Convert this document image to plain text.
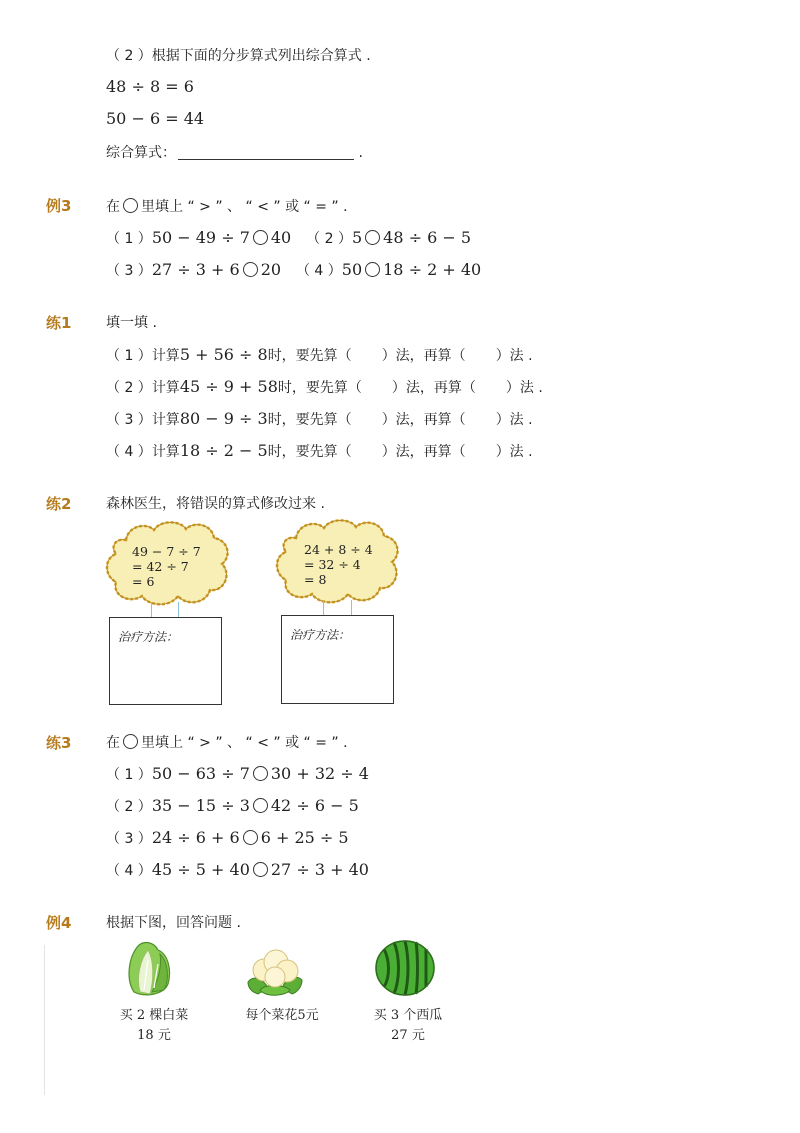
（ 2 ）根据下面的分步算式列出综合算式 .
48 ÷ 8 = 6
50 − 6 = 44
综合算式：	.
例3 在 里填上 “ > ” 、 “ < ” 或 “ = ” .
（ 1 ）50 − 49 ÷ 7 40 （ 2 ）5 48 ÷ 6 − 5
（ 3 ）27 ÷ 3 + 6 20 （ 4 ）50 18 ÷ 2 + 40
练1 填一填 .
（ 1 ）计算5 + 56 ÷ 8时，要先算（ ）法，再算（ ）法 .
（ 2 ）计算45 ÷ 9 + 58时，要先算（ ）法，再算（ ）法 .
（ 3 ）计算80 − 9 ÷ 3时，要先算（ ）法，再算（ ）法 .
（ 4 ）计算18 ÷ 2 − 5时，要先算（ ）法，再算（ ）法 .
练2 森林医生，将错误的算式修改过来 .
49 − 7 ÷ 7
= 42 ÷ 7
= 6
治疗方法：
24 + 8 ÷ 4
= 32 ÷ 4
= 8
治疗方法：
练3 在 里填上 “ > ” 、 “ < ” 或 “ = ” .
（ 1 ）50 − 63 ÷ 7 30 + 32 ÷ 4
（ 2 ）35 − 15 ÷ 3 42 ÷ 6 − 5
（ 3 ）24 ÷ 6 + 6 6 + 25 ÷ 5
（ 4 ）45 ÷ 5 + 40 27 ÷ 3 + 40
例4 根据下图，回答问题 .
买 2 棵白菜
18 元
每个菜花5元	买 3 个西瓜
27 元
